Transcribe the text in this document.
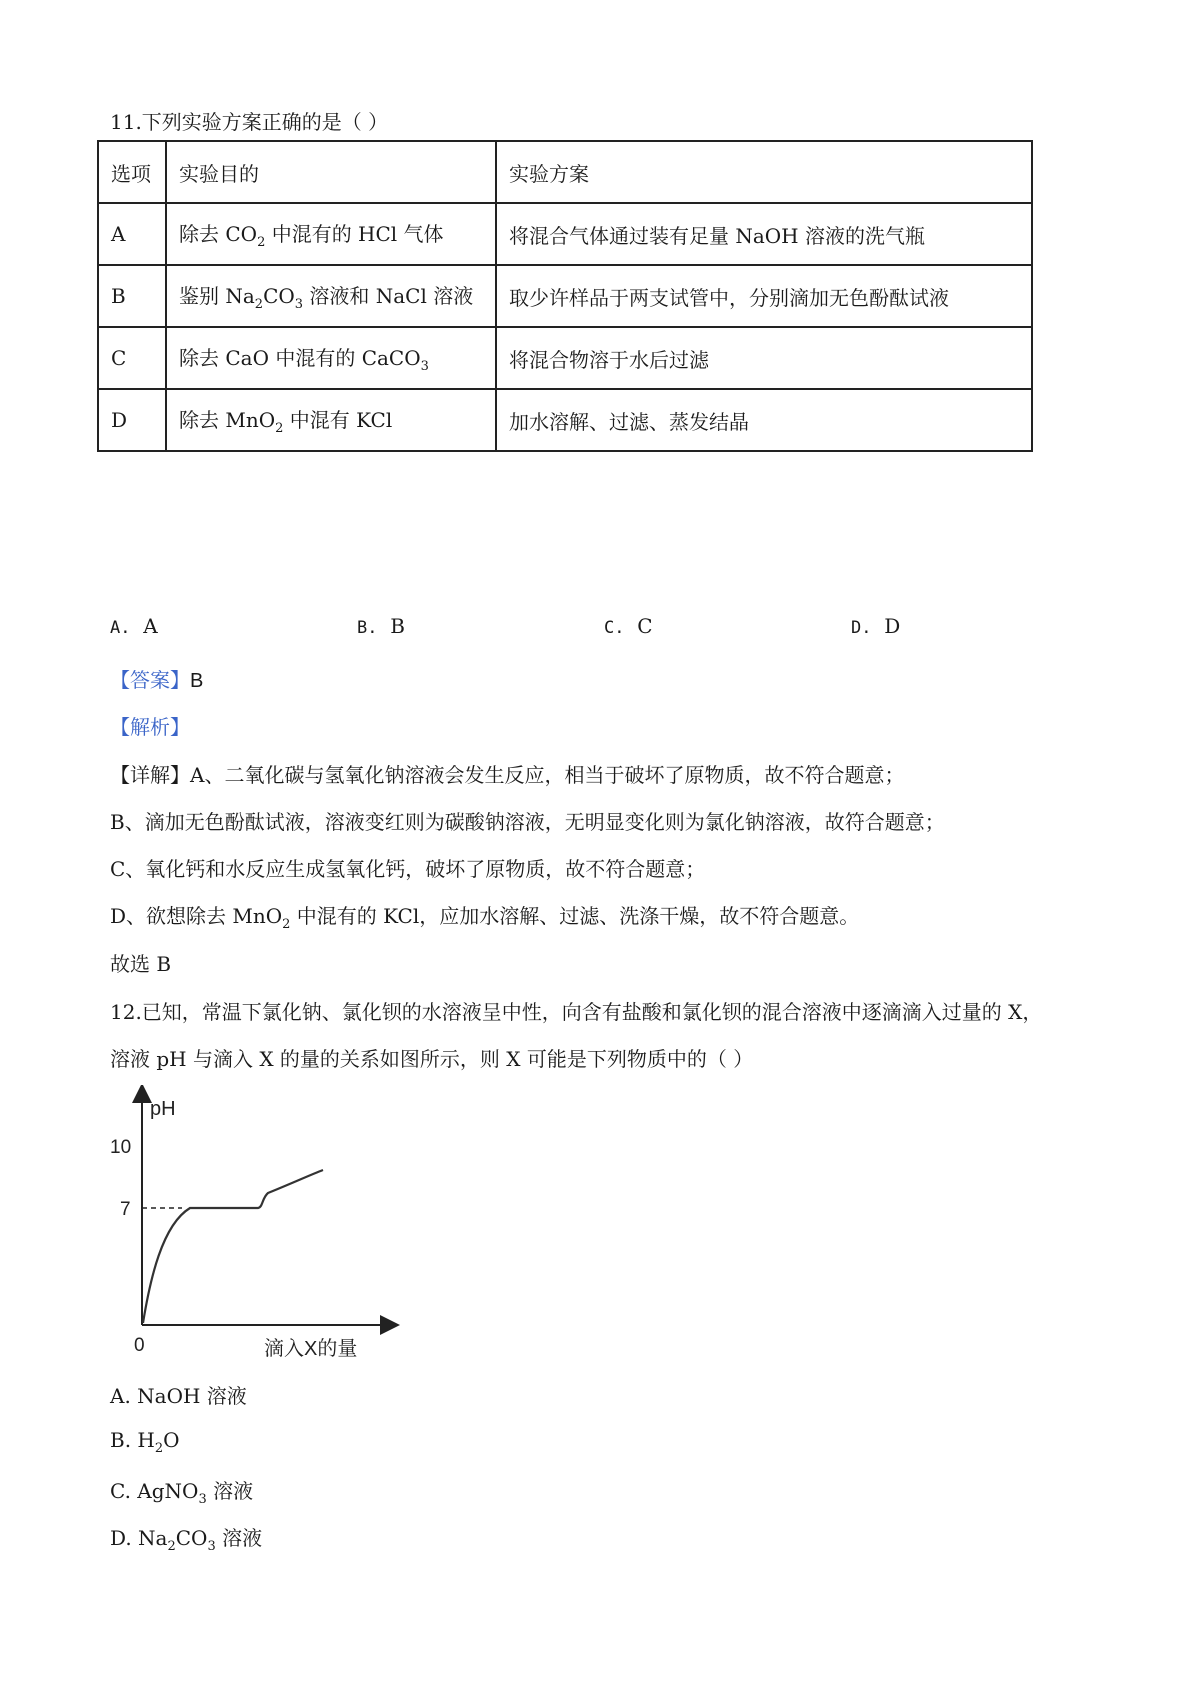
11.下列实验方案正确的是（ ）
选项	实验目的	实验方案
A	除去 $CO_2$ 中混有的 HCl 气体	将混合气体通过装有足量 NaOH 溶液的洗气瓶
B	鉴别 $Na_2CO_3$ 溶液和 NaCl 溶液	取少许样品于两支试管中，分别滴加无色酚酞试液
C	除去 CaO 中混有的 CaCO$_3$	将混合物溶于水后过滤
D	除去 MnO$_2$ 中混有 KCl	加水溶解、过滤、蒸发结晶
A. A	B. B	C. C	D. D
【答案】B
【解析】
【详解】A、二氧化碳与氢氧化钠溶液会发生反应，相当于破坏了原物质，故不符合题意；
B、滴加无色酚酞试液，溶液变红则为碳酸钠溶液，无明显变化则为氯化钠溶液，故符合题意；
C、氧化钙和水反应生成氢氧化钙，破坏了原物质，故不符合题意；
D、欲想除去 MnO$_2$ 中混有的 KCl，应加水溶解、过滤、洗涤干燥，故不符合题意。
故选 B
12.已知，常温下氯化钠、氯化钡的水溶液呈中性，向含有盐酸和氯化钡的混合溶液中逐滴滴入过量的 X，
溶液 pH 与滴入 X 的量的关系如图所示，则 X 可能是下列物质中的（ ）
pH
10
7
0	滴入X的量
A. NaOH 溶液
B. $H_2O$
C. AgNO$_3$ 溶液
D. $Na_2CO_3$ 溶液
